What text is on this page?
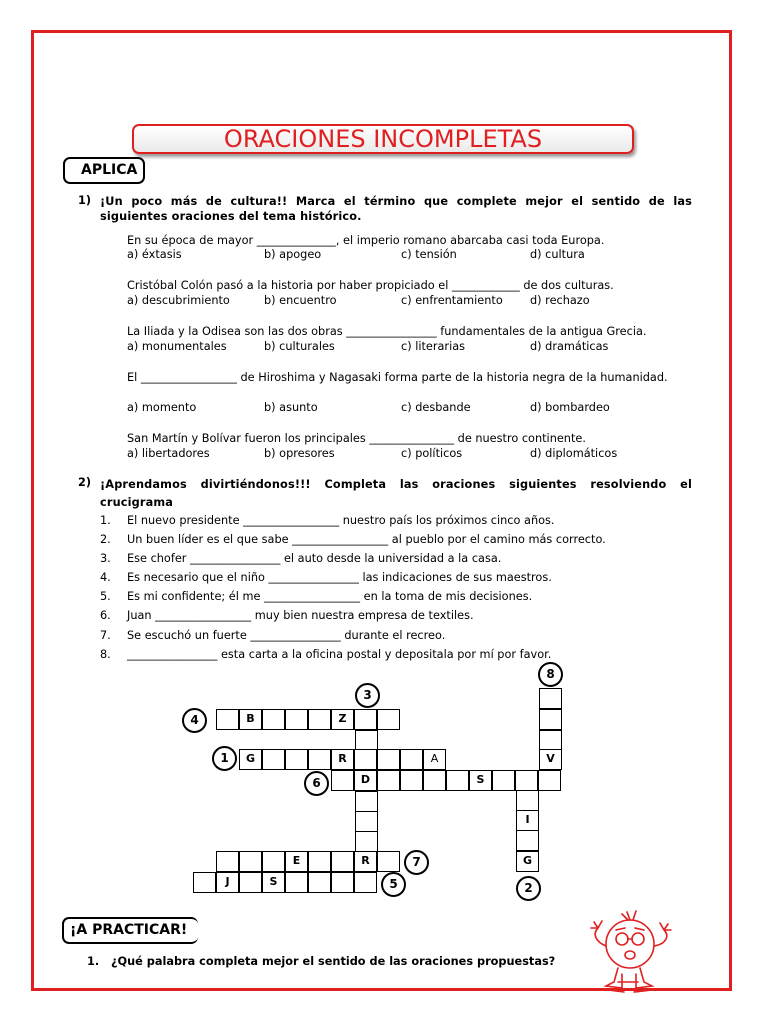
ORACIONES INCOMPLETAS
APLICA
1) ¡Un poco más de cultura!! Marca el término que complete mejor el sentido de las siguientes oraciones del tema histórico.
En su época de mayor ______________, el imperio romano abarcaba casi toda Europa.
a) éxtasis	b) apogeo	c) tensión	d) cultura
Cristóbal Colón pasó a la historia por haber propiciado el ____________ de dos culturas.
a) descubrimiento	b) encuentro	c) enfrentamiento d) rechazo
La Iliada y la Odisea son las dos obras ________________ fundamentales de la antigua Grecia.
a) monumentales	b) culturales	c) literarias	d) dramáticas
El _________________ de Hiroshima y Nagasaki forma parte de la historia negra de la humanidad.
a) momento	b) asunto	c) desbande	d) bombardeo
San Martín y Bolívar fueron los principales _______________ de nuestro continente.
a) libertadores	b) opresores	c) políticos	d) diplomáticos
2) ¡Aprendamos divirtiéndonos!!! Completa las oraciones siguientes resolviendo el crucigrama
1. El nuevo presidente _________________ nuestro país los próximos cinco años.
2. Un buen líder es el que sabe _________________ al pueblo por el camino más correcto.
3. Ese chofer ________________ el auto desde la universidad a la casa.
4. Es necesario que el niño ________________ las indicaciones de sus maestros.
5. Es mi confidente; él me _________________ en la toma de mis decisiones.
6. Juan _________________ muy bien nuestra empresa de textiles.
7. Se escuchó un fuerte ________________ durante el recreo.
8. ________________ esta carta a la oficina postal y depositala por mí por favor.
B	Z
G	R	A	V
D	S
I
G
E	R
J	S
8
3
4
1
6
7
5	2
¡A PRACTICAR!
1. ¿Qué palabra completa mejor el sentido de las oraciones propuestas?
